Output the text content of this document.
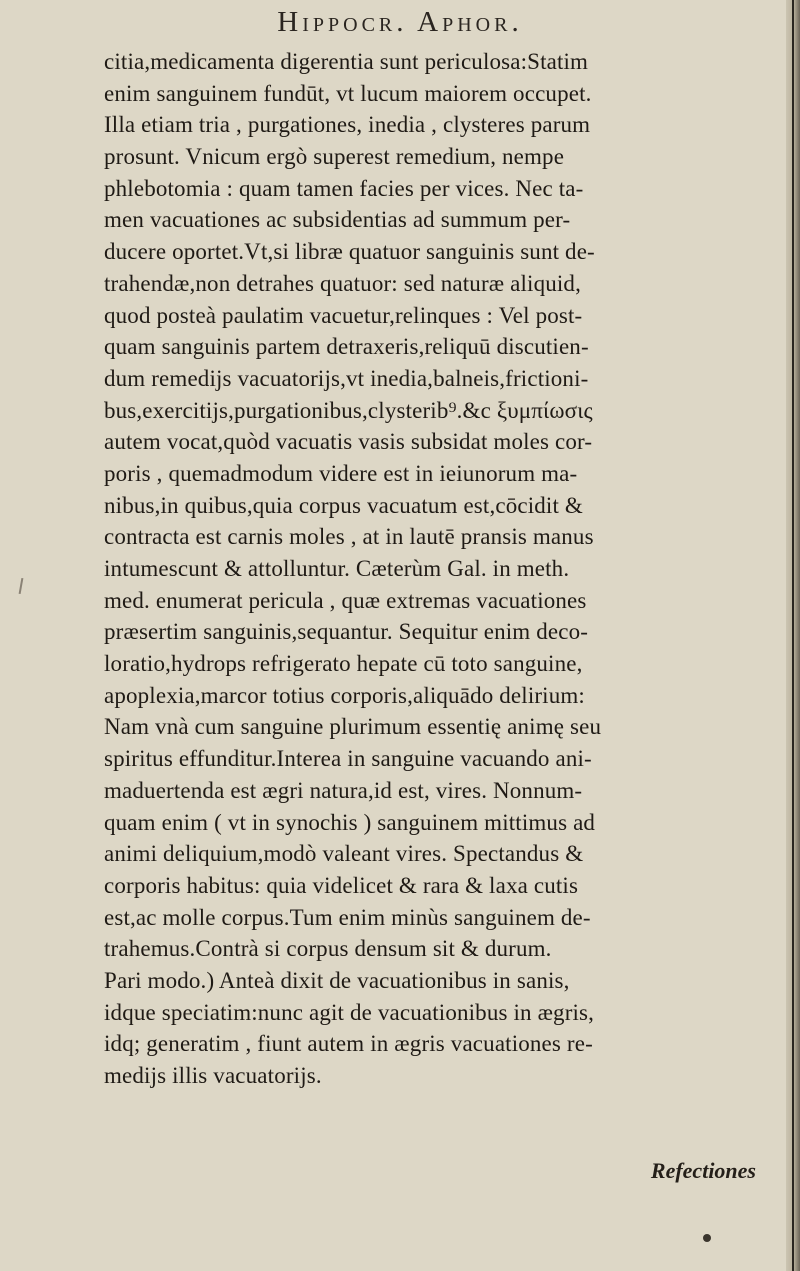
Hippocr. Aphor.
citia,medicamenta digerentia sunt periculosa:Statim
enim sanguinem fundūt, vt lucum maiorem occupet.
Illa etiam tria , purgationes, inedia , clysteres parum
prosunt. Vnicum ergò superest remedium, nempe
phlebotomia : quam tamen facies per vices. Nec ta-
men vacuationes ac subsidentias ad summum per-
ducere oportet.Vt,si libræ quatuor sanguinis sunt de-
trahendæ,non detrahes quatuor: sed naturæ aliquid,
quod posteà paulatim vacuetur,relinques : Vel post-
quam sanguinis partem detraxeris,reliquū discutien-
dum remedijs vacuatorijs,vt inedia,balneis,frictioni-
bus,exercitijs,purgationibus,clysterib⁹.&c ξυμπίωσις
autem vocat,quòd vacuatis vasis subsidat moles cor-
poris , quemadmodum videre est in ieiunorum ma-
nibus,in quibus,quia corpus vacuatum est,cōcidit &
contracta est carnis moles , at in lautē pransis manus
intumescunt & attolluntur. Cæterùm Gal. in meth.
med. enumerat pericula , quæ extremas vacuationes
præsertim sanguinis,sequantur. Sequitur enim deco-
loratio,hydrops refrigerato hepate cū toto sanguine,
apoplexia,marcor totius corporis,aliquādo delirium:
Nam vnà cum sanguine plurimum essentię animę seu
spiritus effunditur.Interea in sanguine vacuando ani-
maduertenda est ægri natura,id est, vires. Nonnum-
quam enim ( vt in synochis ) sanguinem mittimus ad
animi deliquium,modò valeant vires. Spectandus &
corporis habitus: quia videlicet & rara & laxa cutis
est,ac molle corpus.Tum enim minùs sanguinem de-
trahemus.Contrà si corpus densum sit & durum.
Pari modo.) Anteà dixit de vacuationibus in sanis,
idque speciatim:nunc agit de vacuationibus in ægris,
idq; generatim , fiunt autem in ægris vacuationes re-
medijs illis vacuatorijs.
Refectiones
